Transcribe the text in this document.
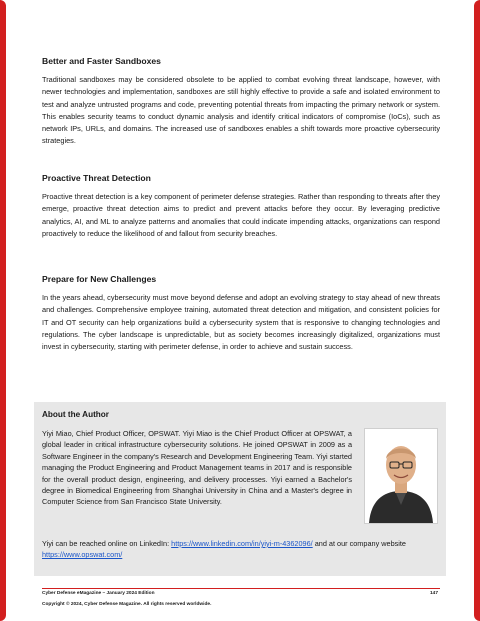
Better and Faster Sandboxes

Traditional sandboxes may be considered obsolete to be applied to combat evolving threat landscape, however, with newer technologies and implementation, sandboxes are still highly effective to provide a safe and isolated environment to test and analyze untrusted programs and code, preventing potential threats from impacting the primary network or system. This enables security teams to conduct dynamic analysis and identify critical indicators of compromise (IoCs), such as network IPs, URLs, and domains. The increased use of sandboxes enables a shift towards more proactive cybersecurity strategies.

Proactive Threat Detection

Proactive threat detection is a key component of perimeter defense strategies. Rather than responding to threats after they emerge, proactive threat detection aims to predict and prevent attacks before they occur. By leveraging predictive analytics, AI, and ML to analyze patterns and anomalies that could indicate impending attacks, organizations can respond proactively to reduce the likelihood of and fallout from security breaches.

Prepare for New Challenges

In the years ahead, cybersecurity must move beyond defense and adopt an evolving strategy to stay ahead of new threats and challenges. Comprehensive employee training, automated threat detection and mitigation, and consistent policies for IT and OT security can help organizations build a cybersecurity system that is responsive to changing technologies and regulations. The cyber landscape is unpredictable, but as society becomes increasingly digitalized, organizations must invest in cybersecurity, starting with perimeter defense, in order to achieve and sustain success.

About the Author

Yiyi Miao, Chief Product Officer, OPSWAT. Yiyi Miao is the Chief Product Officer at OPSWAT, a global leader in critical infrastructure cybersecurity solutions. He joined OPSWAT in 2009 as a Software Engineer in the company's Research and Development Engineering Team. Yiyi started managing the Product Engineering and Product Management teams in 2017 and is responsible for the overall product design, engineering, and delivery processes. Yiyi earned a Bachelor's degree in Biomedical Engineering from Shanghai University in China and a Master's degree in Computer Science from San Francisco State University.

Yiyi can be reached online on LinkedIn: https://www.linkedin.com/in/yiyi-m-4362096/ and at our company website https://www.opswat.com/

Cyber Defense eMagazine – January 2024 Edition	147

Copyright © 2024, Cyber Defense Magazine. All rights reserved worldwide.
